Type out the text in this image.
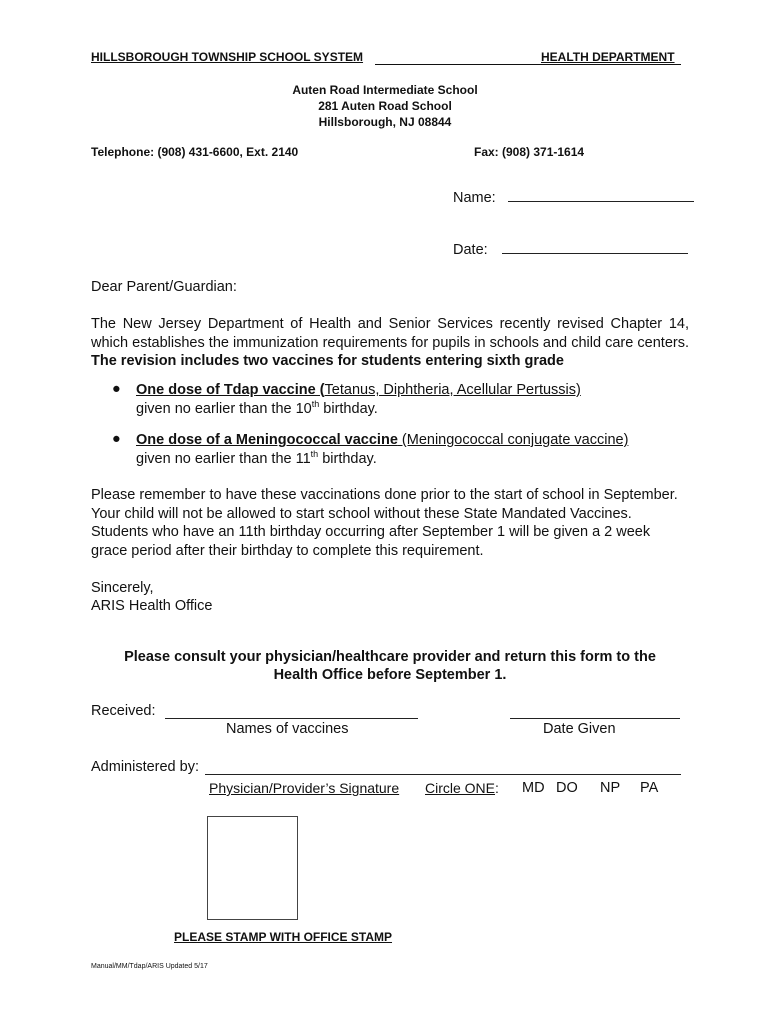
HILLSBOROUGH TOWNSHIP SCHOOL SYSTEM	HEALTH DEPARTMENT
Auten Road Intermediate School
281 Auten Road School
Hillsborough, NJ 08844
Telephone: (908) 431-6600, Ext. 2140	Fax: (908) 371-1614
Name:
Date:
Dear Parent/Guardian:
The New Jersey Department of Health and Senior Services recently revised Chapter 14, which establishes the immunization requirements for pupils in schools and child care centers. The revision includes two vaccines for students entering sixth grade
● One dose of Tdap vaccine (Tetanus, Diphtheria, Acellular Pertussis)
given no earlier than the 10th birthday.
● One dose of a Meningococcal vaccine (Meningococcal conjugate vaccine)
given no earlier than the 11th birthday.
Please remember to have these vaccinations done prior to the start of school in September. Your child will not be allowed to start school without these State Mandated Vaccines. Students who have an 11th birthday occurring after September 1 will be given a 2 week grace period after their birthday to complete this requirement.
Sincerely,
ARIS Health Office
Please consult your physician/healthcare provider and return this form to the
Health Office before September 1.
Received:
Names of vaccines	Date Given
Administered by:
Physician/Provider’s Signature Circle ONE: MD DO NP PA
PLEASE STAMP WITH OFFICE STAMP
Manual/MM/Tdap/ARIS Updated 5/17
